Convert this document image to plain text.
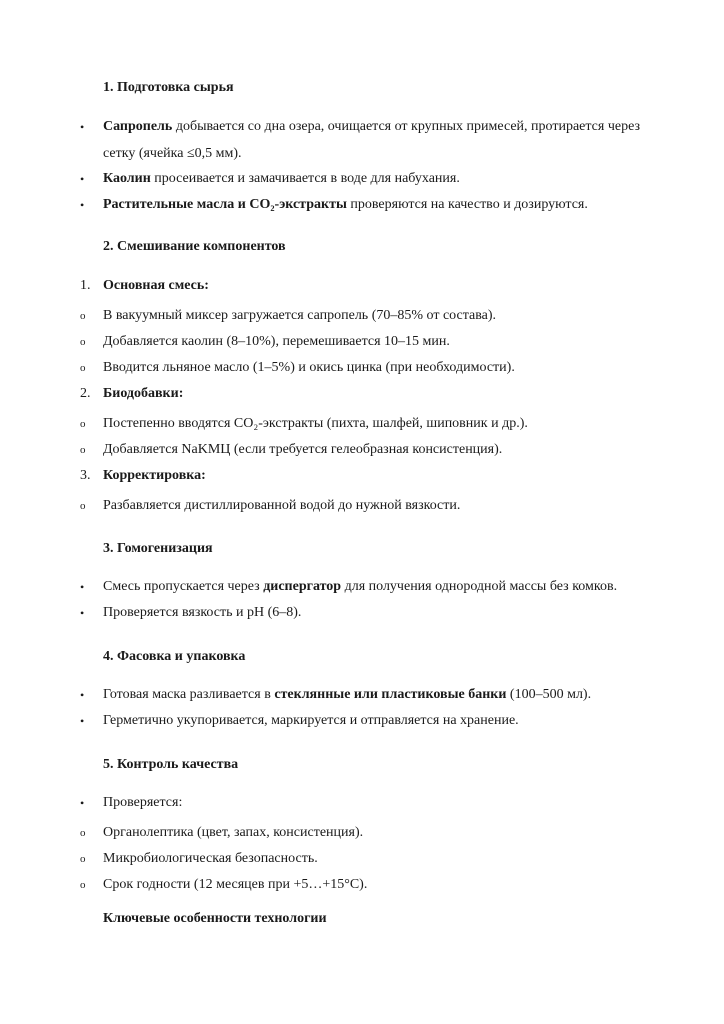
1. Подготовка сырья
•	Сапропель добывается со дна озера, очищается от крупных примесей, протирается через
сетку (ячейка ≤0,5 мм).
•	Каолин просеивается и замачивается в воде для набухания.
•	Растительные масла и CO₂-экстракты проверяются на качество и дозируются.
2. Смешивание компонентов
1. Основная смесь:
o	В вакуумный миксер загружается сапропель (70–85% от состава).
o	Добавляется каолин (8–10%), перемешивается 10–15 мин.
o	Вводится льняное масло (1–5%) и окись цинка (при необходимости).
2. Биодобавки:
o	Постепенно вводятся CO₂-экстракты (пихта, шалфей, шиповник и др.).
o	Добавляется NaKMЦ (если требуется гелеобразная консистенция).
3. Корректировка:
o	Разбавляется дистиллированной водой до нужной вязкости.
3. Гомогенизация
•	Смесь пропускается через диспергатор для получения однородной массы без комков.
•	Проверяется вязкость и pH (6–8).
4. Фасовка и упаковка
•	Готовая маска разливается в стеклянные или пластиковые банки (100–500 мл).
•	Герметично укупоривается, маркируется и отправляется на хранение.
5. Контроль качества
•	Проверяется:
o	Органолептика (цвет, запах, консистенция).
o	Микробиологическая безопасность.
o	Срок годности (12 месяцев при +5…+15°C).
Ключевые особенности технологии
